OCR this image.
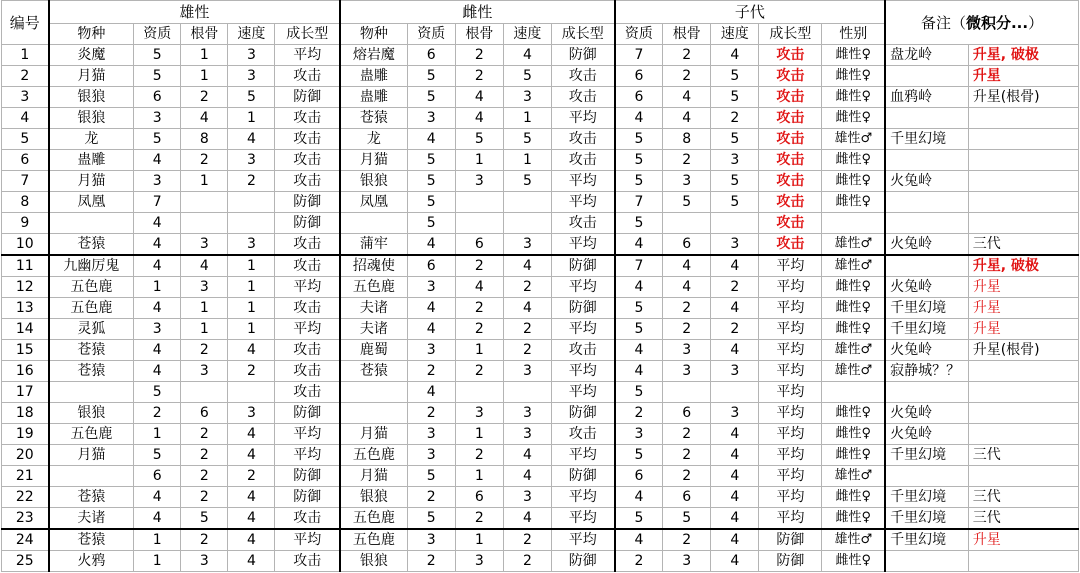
编号	雄性					雌性					子代					备注（微积分...）	
	物种	资质	根骨	速度	成长型	物种	资质	根骨	速度	成长型	资质	根骨	速度	成长型	性别		
1	炎魔	5	1	3	平均	熔岩魔	6	2	4	防御	7	2	4	攻击	雌性♀	盘龙岭	升星, 破极
2	月猫	5	1	3	攻击	蛊雕	5	2	5	攻击	6	2	5	攻击	雌性♀		升星
3	银狼	6	2	5	防御	蛊雕	5	4	3	攻击	6	4	5	攻击	雌性♀	血鸦岭	升星(根骨)
4	银狼	3	4	1	攻击	苍猿	3	4	1	平均	4	4	2	攻击	雌性♀		
5	龙	5	8	4	攻击	龙	4	5	5	攻击	5	8	5	攻击	雄性♂	千里幻境	
6	蛊雕	4	2	3	攻击	月猫	5	1	1	攻击	5	2	3	攻击	雌性♀		
7	月猫	3	1	2	攻击	银狼	5	3	5	平均	5	3	5	攻击	雌性♀	火兔岭	
8	凤凰	7			防御	凤凰	5			平均	7	5	5	攻击	雌性♀		
9		4			防御		5			攻击	5			攻击			
10	苍猿	4	3	3	攻击	蒲牢	4	6	3	平均	4	6	3	攻击	雄性♂	火兔岭	三代
11	九幽厉鬼	4	4	1	攻击	招魂使	6	2	4	防御	7	4	4	平均	雄性♂		升星, 破极
12	五色鹿	1	3	1	平均	五色鹿	3	4	2	平均	4	4	2	平均	雌性♀	火兔岭	升星
13	五色鹿	4	1	1	攻击	夫诸	4	2	4	防御	5	2	4	平均	雌性♀	千里幻境	升星
14	灵狐	3	1	1	平均	夫诸	4	2	2	平均	5	2	2	平均	雌性♀	千里幻境	升星
15	苍猿	4	2	4	攻击	鹿蜀	3	1	2	攻击	4	3	4	平均	雄性♂	火兔岭	升星(根骨)
16	苍猿	4	3	2	攻击	苍猿	2	2	3	平均	4	3	3	平均	雄性♂	寂静城？？	
17		5			攻击		4			平均	5			平均			
18	银狼	2	6	3	防御		2	3	3	防御	2	6	3	平均	雌性♀	火兔岭	
19	五色鹿	1	2	4	平均	月猫	3	1	3	攻击	3	2	4	平均	雌性♀	火兔岭	
20	月猫	5	2	4	平均	五色鹿	3	2	4	平均	5	2	4	平均	雌性♀	千里幻境	三代
21		6	2	2	防御	月猫	5	1	4	防御	6	2	4	平均	雄性♂		
22	苍猿	4	2	4	防御	银狼	2	6	3	平均	4	6	4	平均	雌性♀	千里幻境	三代
23	夫诸	4	5	4	攻击	五色鹿	5	2	4	平均	5	5	4	平均	雌性♀	千里幻境	三代
24	苍猿	1	2	4	平均	五色鹿	3	1	2	平均	4	2	4	防御	雄性♂	千里幻境	升星
25	火鸦	1	3	4	攻击	银狼	2	3	2	防御	2	3	4	防御	雌性♀		
